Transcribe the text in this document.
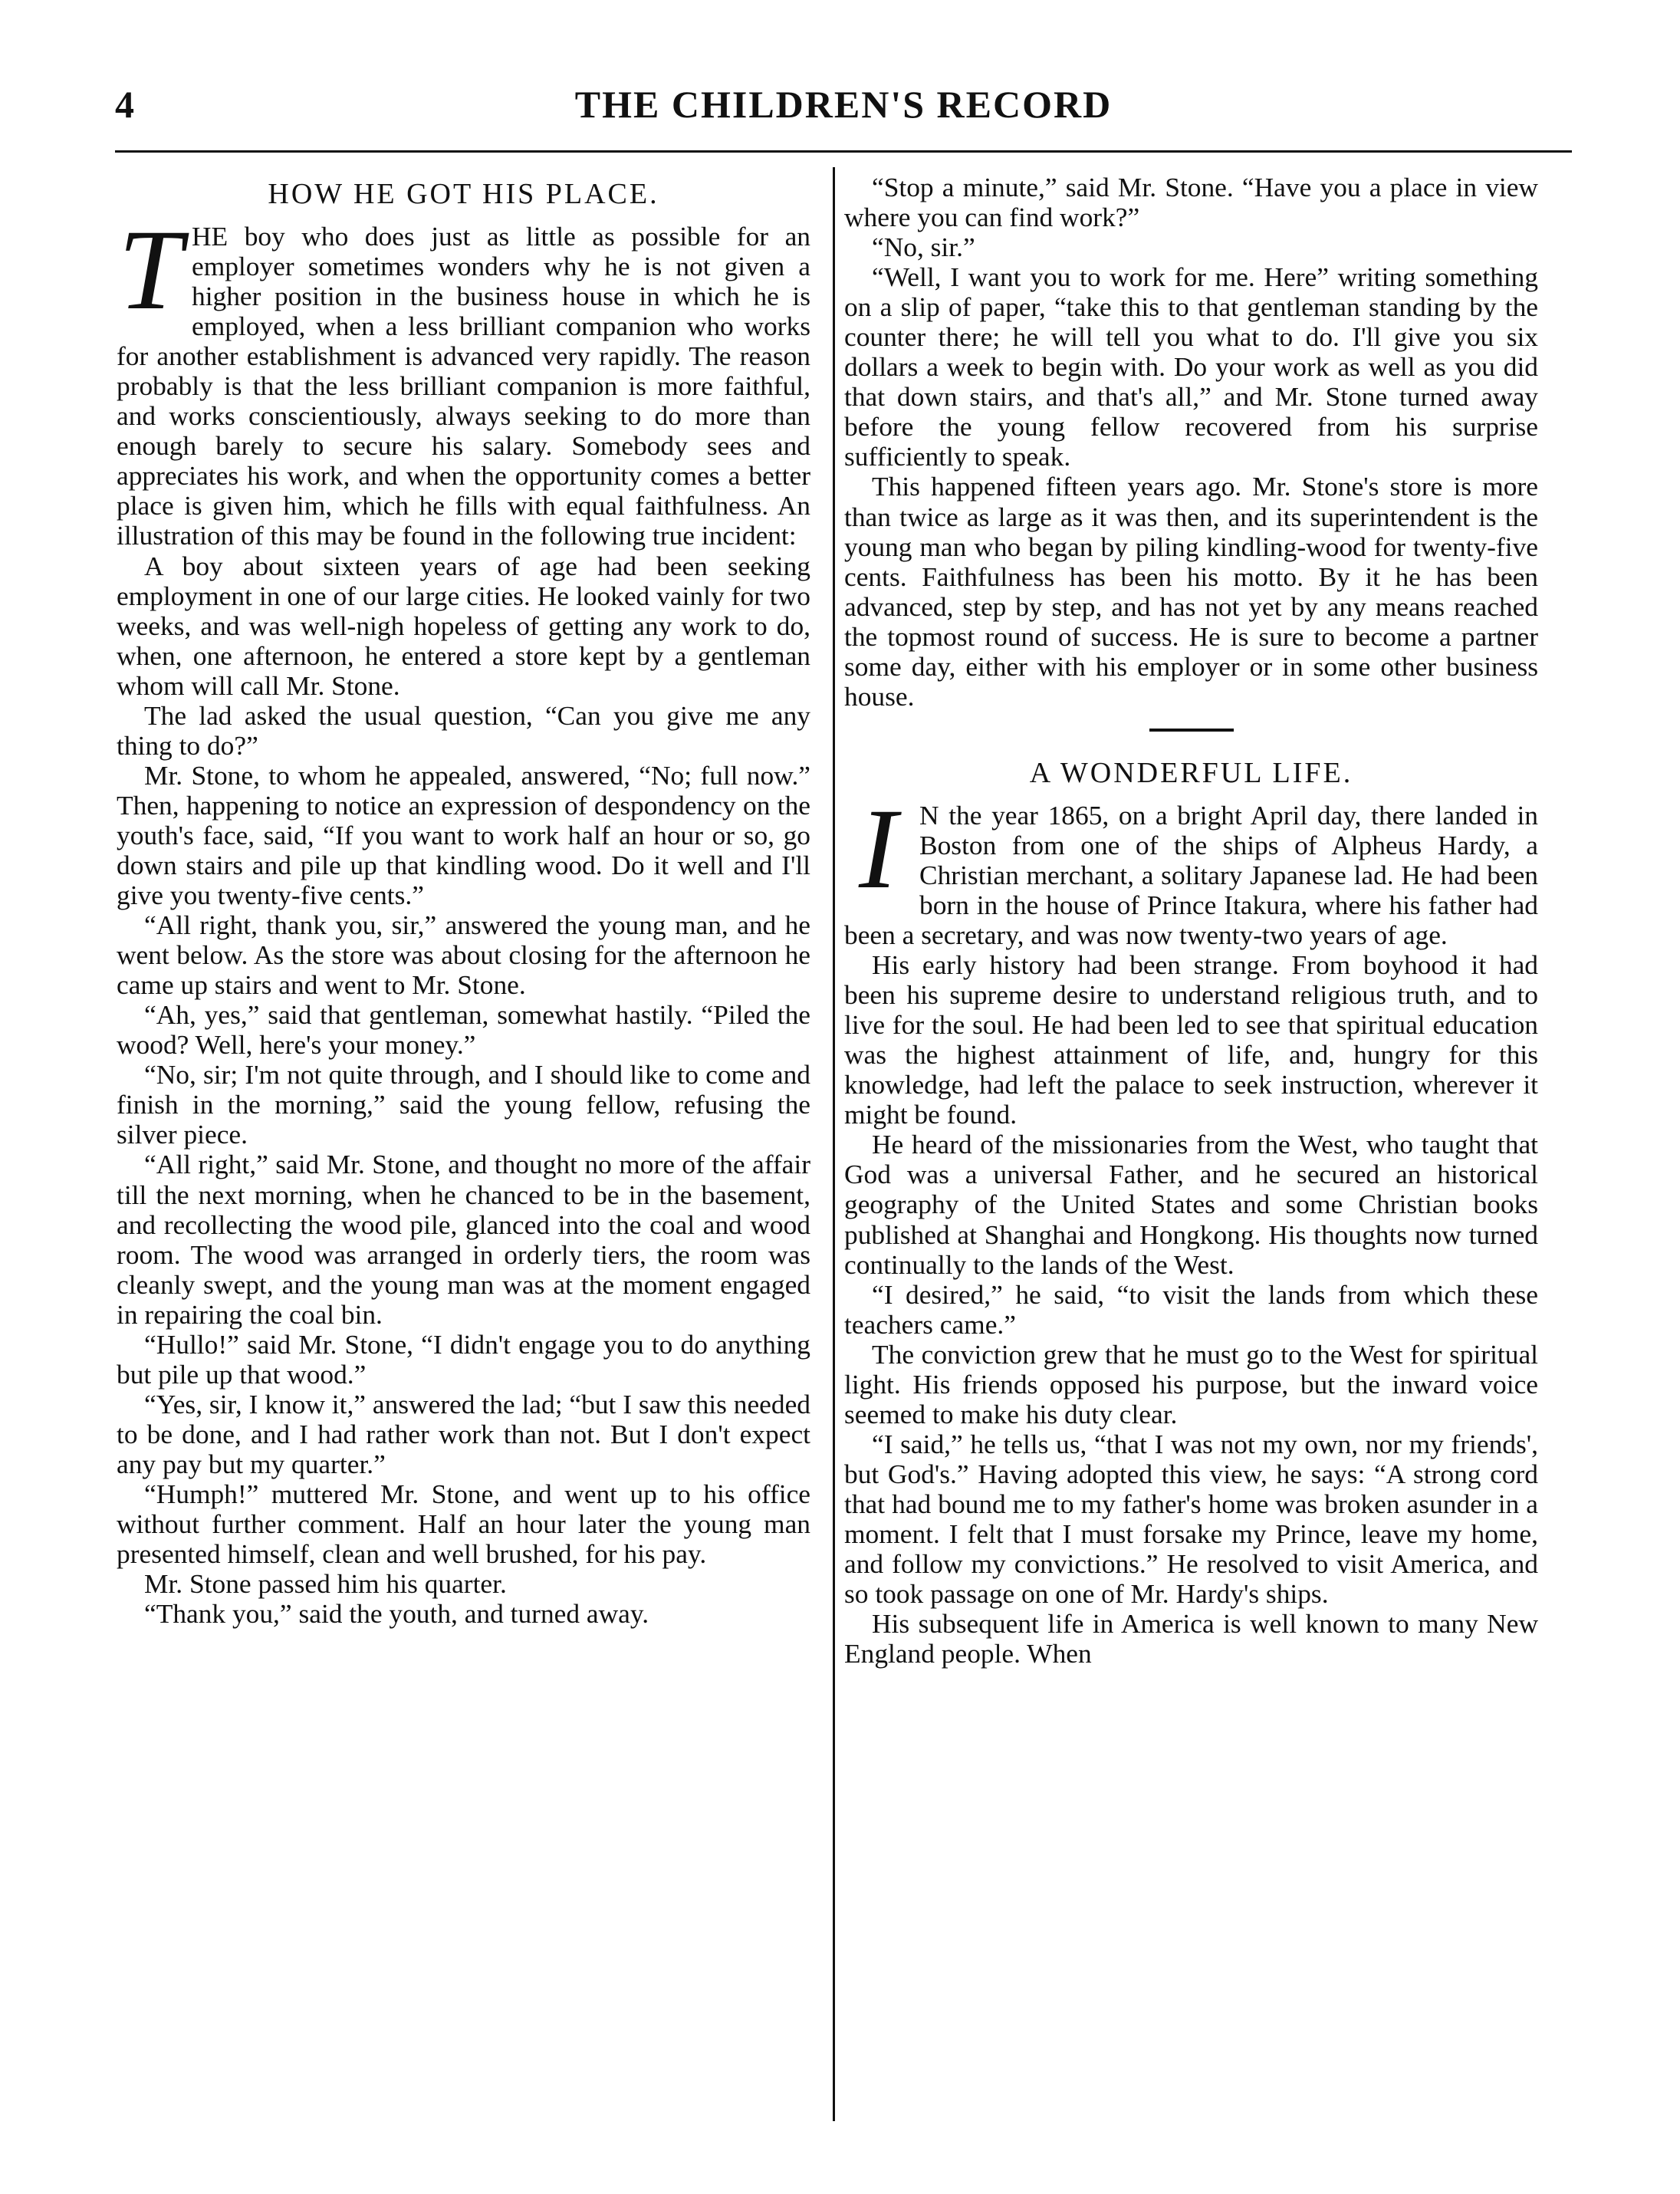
4	THE CHILDREN'S RECORD
HOW HE GOT HIS PLACE.
T HE boy who does just as little as possible for an employer sometimes wonders why he is not given a higher position in the business house in which he is employed, when a less brilliant companion who works for another establishment is advanced very rapidly. The reason probably is that the less brilliant companion is more faithful, and works conscientiously, always seeking to do more than enough barely to secure his salary. Somebody sees and appreciates his work, and when the opportunity comes a better place is given him, which he fills with equal faithfulness. An illustration of this may be found in the following true incident:

A boy about sixteen years of age had been seeking employment in one of our large cities. He looked vainly for two weeks, and was well-nigh hopeless of getting any work to do, when, one afternoon, he entered a store kept by a gentleman whom will call Mr. Stone.

The lad asked the usual question, “Can you give me any thing to do?”

Mr. Stone, to whom he appealed, answered, “No; full now.” Then, happening to notice an expression of despondency on the youth's face, said, “If you want to work half an hour or so, go down stairs and pile up that kindling wood. Do it well and I'll give you twenty-five cents.”

“All right, thank you, sir,” answered the young man, and he went below. As the store was about closing for the afternoon he came up stairs and went to Mr. Stone.

“Ah, yes,” said that gentleman, somewhat hastily. “Piled the wood? Well, here's your money.”

“No, sir; I'm not quite through, and I should like to come and finish in the morning,” said the young fellow, refusing the silver piece.

“All right,” said Mr. Stone, and thought no more of the affair till the next morning, when he chanced to be in the basement, and recollecting the wood pile, glanced into the coal and wood room. The wood was arranged in orderly tiers, the room was cleanly swept, and the young man was at the moment engaged in repairing the coal bin.

“Hullo!” said Mr. Stone, “I didn't engage you to do anything but pile up that wood.”

“Yes, sir, I know it,” answered the lad; “but I saw this needed to be done, and I had rather work than not. But I don't expect any pay but my quarter.”

“Humph!” muttered Mr. Stone, and went up to his office without further comment. Half an hour later the young man presented himself, clean and well brushed, for his pay.

Mr. Stone passed him his quarter.

“Thank you,” said the youth, and turned away.

“Stop a minute,” said Mr. Stone. “Have you a place in view where you can find work?”

“No, sir.”

“Well, I want you to work for me. Here” writing something on a slip of paper, “take this to that gentleman standing by the counter there; he will tell you what to do. I'll give you six dollars a week to begin with. Do your work as well as you did that down stairs, and that's all,” and Mr. Stone turned away before the young fellow recovered from his surprise sufficiently to speak.

This happened fifteen years ago. Mr. Stone's store is more than twice as large as it was then, and its superintendent is the young man who began by piling kindling-wood for twenty-five cents. Faithfulness has been his motto. By it he has been advanced, step by step, and has not yet by any means reached the topmost round of success. He is sure to become a partner some day, either with his employer or in some other business house.

A WONDERFUL LIFE.
I N the year 1865, on a bright April day, there landed in Boston from one of the ships of Alpheus Hardy, a Christian merchant, a solitary Japanese lad. He had been born in the house of Prince Itakura, where his father had been a secretary, and was now twenty-two years of age.

His early history had been strange. From boyhood it had been his supreme desire to understand religious truth, and to live for the soul. He had been led to see that spiritual education was the highest attainment of life, and, hungry for this knowledge, had left the palace to seek instruction, wherever it might be found.

He heard of the missionaries from the West, who taught that God was a universal Father, and he secured an historical geography of the United States and some Christian books published at Shanghai and Hongkong. His thoughts now turned continually to the lands of the West.

“I desired,” he said, “to visit the lands from which these teachers came.”

The conviction grew that he must go to the West for spiritual light. His friends opposed his purpose, but the inward voice seemed to make his duty clear.

“I said,” he tells us, “that I was not my own, nor my friends', but God's.” Having adopted this view, he says: “A strong cord that had bound me to my father's home was broken asunder in a moment. I felt that I must forsake my Prince, leave my home, and follow my convictions.” He resolved to visit America, and so took passage on one of Mr. Hardy's ships.

His subsequent life in America is well known to many New England people. When
